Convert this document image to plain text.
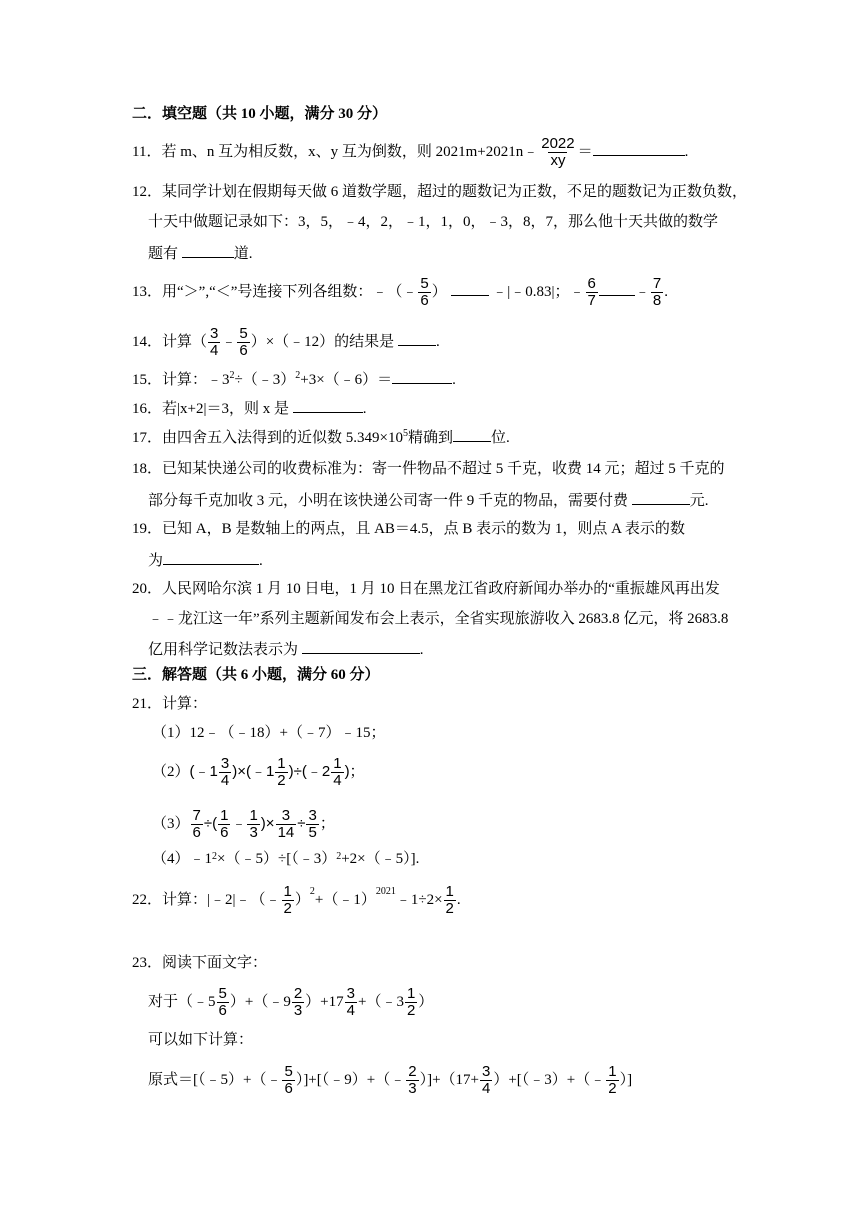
二．填空题（共 10 小题，满分 30 分）
11．若 m、n 互为相反数，x、y 互为倒数，则 2021m+2021n﹣ $\frac{2022}{xy}$ ＝	.
12．某同学计划在假期每天做 6 道数学题，超过的题数记为正数，不足的题数记为正数负数，
十天中做题记录如下：3，5，﹣4，2，﹣1，1，0，﹣3，8，7，那么他十天共做的数学
题有	道.
13．用“＞”,“＜”号连接下列各组数：﹣（﹣ $\frac{5}{6}$ ）	﹣|﹣0.83|；﹣ $\frac{6}{7}$ ﹣ $\frac{7}{8}$ .
14．计算（ $\frac{3}{4}$ ﹣ $\frac{5}{6}$ ）×（﹣12）的结果是	.
15．计算：$﹣3^2\div(﹣3)^2+3\times(﹣6)=$	.
16．若|x+2|＝3，则 x 是	.
17．由四舍五入法得到的近似数 $5.349\times 10^5$精确到	位.
18．已知某快递公司的收费标准为：寄一件物品不超过 5 千克，收费 14 元；超过 5 千克的
部分每千克加收 3 元，小明在该快递公司寄一件 9 千克的物品，需要付费	元.
19．已知 A，B 是数轴上的两点，且 AB＝4.5，点 B 表示的数为 1，则点 A 表示的数
为	.
20．人民网哈尔滨 1 月 10 日电，1 月 10 日在黑龙江省政府新闻办举办的“重振雄风再出发
﹣﹣龙江这一年”系列主题新闻发布会上表示，全省实现旅游收入 2683.8 亿元，将 2683.8
亿用科学记数法表示为	.
三．解答题（共 6 小题，满分 60 分）
21．计算：
（1）12﹣（﹣18）+（﹣7）﹣15；
（2）(﹣1 $\frac{3}{4}$ )×(﹣1 $\frac{1}{2}$ )÷(﹣2 $\frac{1}{4}$ )；
$(3) \frac{7}{6}$ ÷( $\frac{1}{6}$ ﹣ $\frac{1}{3}$ )× $\frac{3}{14} \div \frac{3}{5}$ ；
$(4)﹣1^2\times(﹣5)\div[(﹣3)^2+2\times(﹣5)]$.
22．计算：|﹣2|﹣（﹣ $\frac{1}{2}$ ）$^2$+（﹣1）$^{2021}$﹣1÷2× $\frac{1}{2}$ .
23．阅读下面文字：
对于（﹣5 $\frac{5}{6}$ ）+（﹣9 $\frac{2}{3} )+17 \frac{3}{4}$ +（﹣3 $\frac{1}{2}$ ）
可以如下计算：
原式＝[（﹣5）+（﹣ $\frac{5}{6}$ ）]+[（﹣9）+（﹣ $\frac{2}{3} )]+(17+ \frac{3}{4}$ ）+[（﹣3）+（﹣ $\frac{1}{2}$ ）]
